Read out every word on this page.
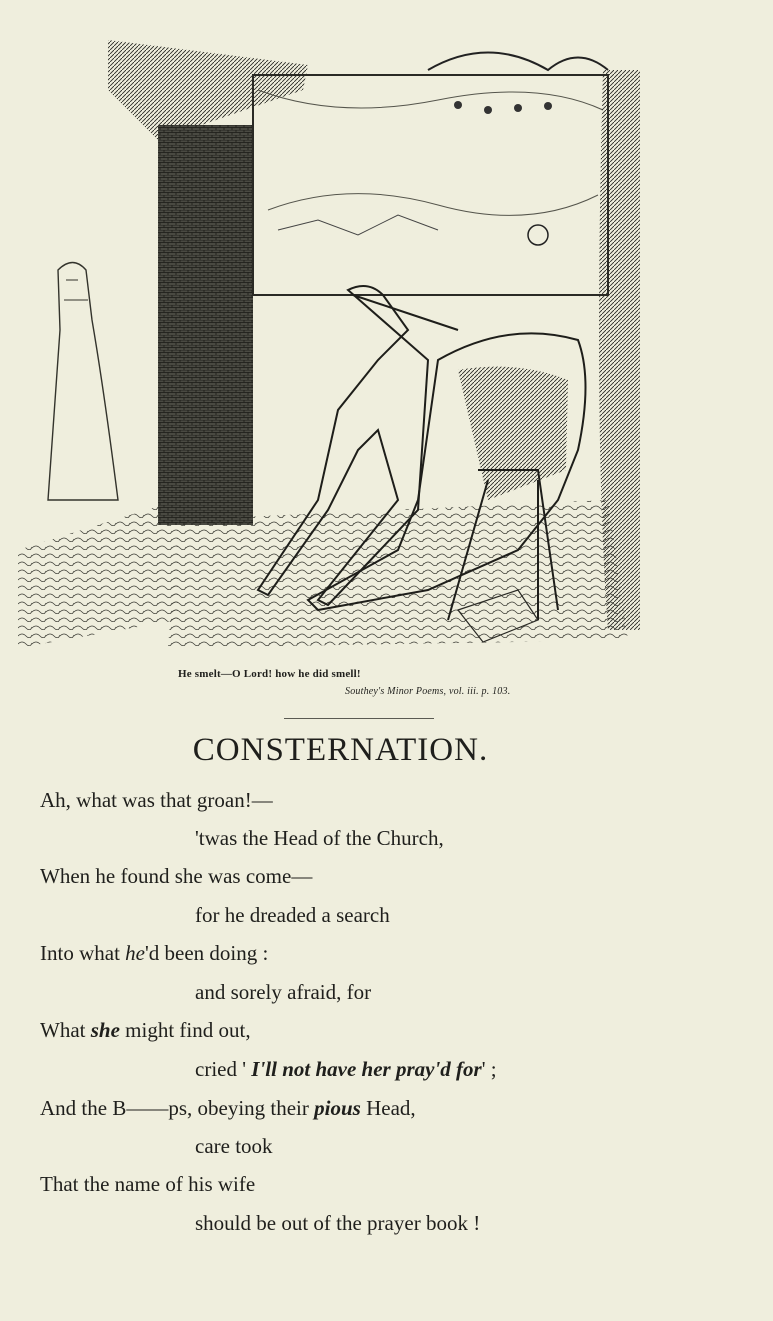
He smelt—O Lord! how he did smell!
Southey's Minor Poems, vol. iii. p. 103.
CONSTERNATION.
Ah, what was that groan!—
'twas the Head of the Church,
When he found she was come—
for he dreaded a search
Into what he'd been doing :
and sorely afraid, for
What she might find out,
cried ' I'll not have her pray'd for' ;
And the B——ps, obeying their pious Head,
care took
That the name of his wife
should be out of the prayer book !
